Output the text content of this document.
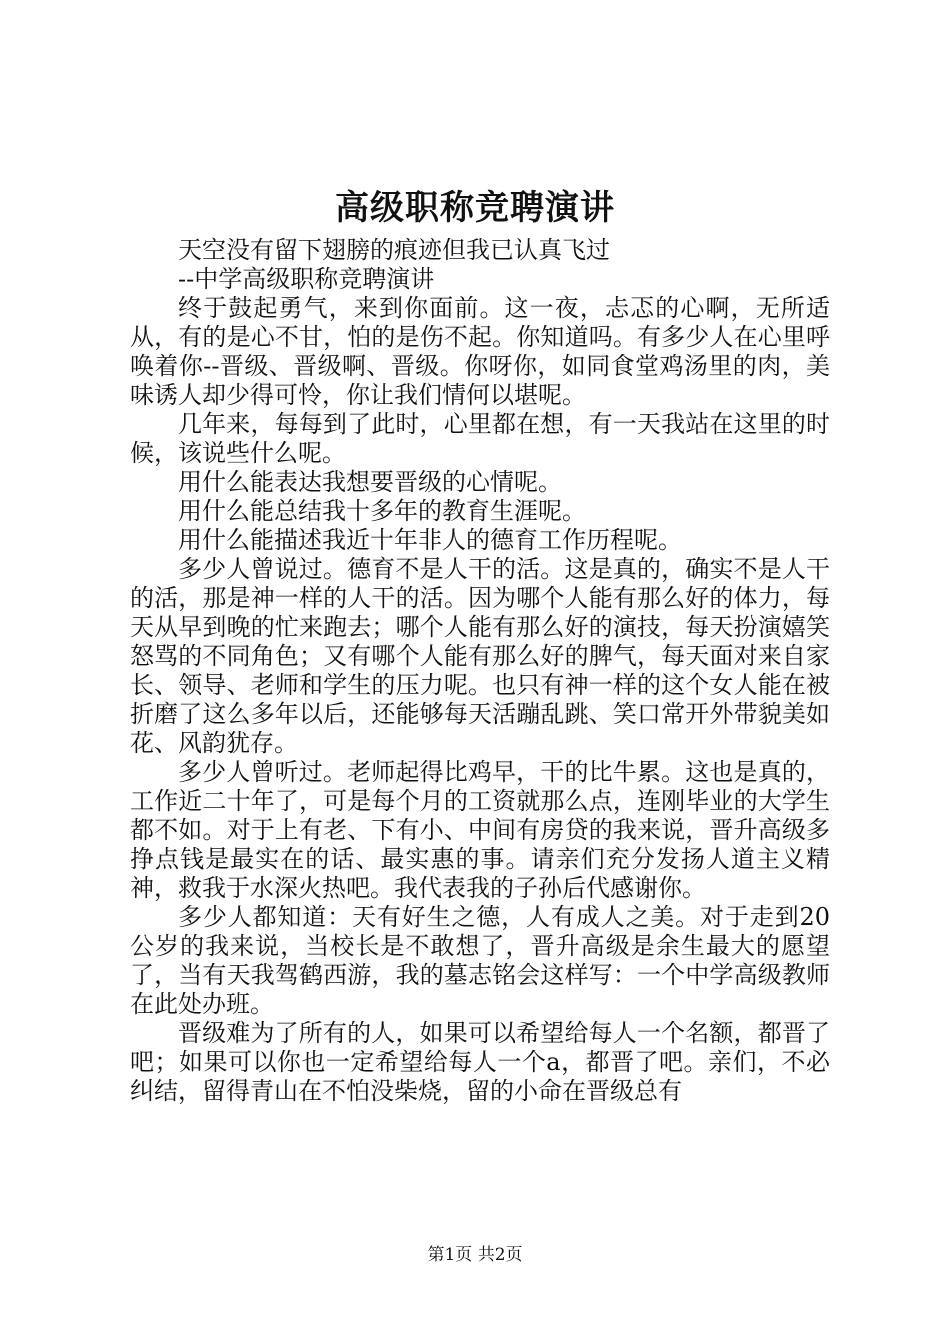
高级职称竞聘演讲

天空没有留下翅膀的痕迹但我已认真飞过

--中学高级职称竞聘演讲

终于鼓起勇气，来到你面前。这一夜，忐忑的心啊，无所适从，有的是心不甘，怕的是伤不起。你知道吗。有多少人在心里呼唤着你--晋级、晋级啊、晋级。你呀你，如同食堂鸡汤里的肉，美味诱人却少得可怜，你让我们情何以堪呢。

几年来，每每到了此时，心里都在想，有一天我站在这里的时候，该说些什么呢。

用什么能表达我想要晋级的心情呢。

用什么能总结我十多年的教育生涯呢。

用什么能描述我近十年非人的德育工作历程呢。

多少人曾说过。德育不是人干的活。这是真的，确实不是人干的活，那是神一样的人干的活。因为哪个人能有那么好的体力，每天从早到晚的忙来跑去；哪个人能有那么好的演技，每天扮演嬉笑怒骂的不同角色；又有哪个人能有那么好的脾气，每天面对来自家长、领导、老师和学生的压力呢。也只有神一样的这个女人能在被折磨了这么多年以后，还能够每天活蹦乱跳、笑口常开外带貌美如花、风韵犹存。

多少人曾听过。老师起得比鸡早，干的比牛累。这也是真的，工作近二十年了，可是每个月的工资就那么点，连刚毕业的大学生都不如。对于上有老、下有小、中间有房贷的我来说，晋升高级多挣点钱是最实在的话、最实惠的事。请亲们充分发扬人道主义精神，救我于水深火热吧。我代表我的子孙后代感谢你。

多少人都知道：天有好生之德，人有成人之美。对于走到20公岁的我来说，当校长是不敢想了，晋升高级是余生最大的愿望了，当有天我驾鹤西游，我的墓志铭会这样写：一个中学高级教师在此处办班。

晋级难为了所有的人，如果可以希望给每人一个名额，都晋了吧；如果可以你也一定希望给每人一个a，都晋了吧。亲们，不必纠结，留得青山在不怕没柴烧，留的小命在晋级总有

第1页 共2页
